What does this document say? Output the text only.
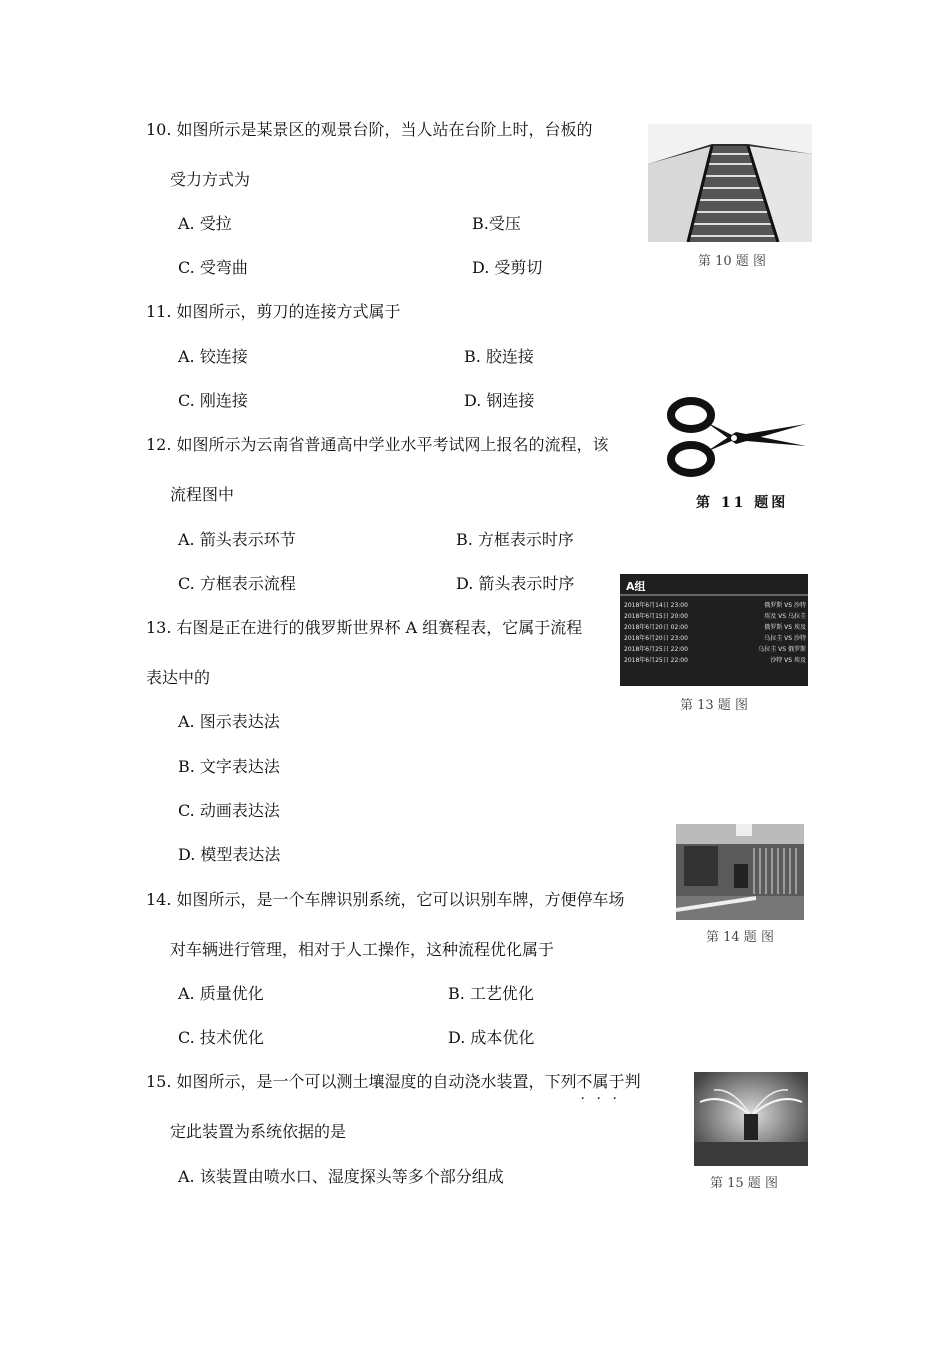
10. 如图所示是某景区的观景台阶，当人站在台阶上时，台板的
受力方式为
A. 受拉	B.受压
C. 受弯曲	D. 受剪切	第 10 题 图
11. 如图所示，剪刀的连接方式属于
A. 铰连接	B. 胶连接
C. 刚连接	D. 钢连接
第 11 题图
12. 如图所示为云南省普通高中学业水平考试网上报名的流程，该
流程图中
A. 箭头表示环节	B. 方框表示时序
C. 方框表示流程	D. 箭头表示时序
13. 右图是正在进行的俄罗斯世界杯 A 组赛程表，它属于流程
表达中的
A. 图示表达法
B. 文字表达法
C. 动画表达法
D. 模型表达法
A组
2018年6月14日 23:00	俄罗斯 VS 沙特
2018年6月15日 20:00	埃及 VS 乌拉圭
2018年6月20日 02:00	俄罗斯 VS 埃及
2018年6月20日 23:00	乌拉圭 VS 沙特
2018年6月25日 22:00	乌拉圭 VS 俄罗斯
2018年6月25日 22:00	沙特 VS 埃及
第 13 题 图
14. 如图所示，是一个车牌识别系统，它可以识别车牌，方便停车场
对车辆进行管理，相对于人工操作，这种流程优化属于
A. 质量优化	B. 工艺优化
C. 技术优化	D. 成本优化
第 14 题 图
15. 如图所示，是一个可以测土壤湿度的自动浇水装置，下列不属于
· · ·
判
定此装置为系统依据的是
A. 该装置由喷水口、湿度探头等多个部分组成	第 15 题 图
